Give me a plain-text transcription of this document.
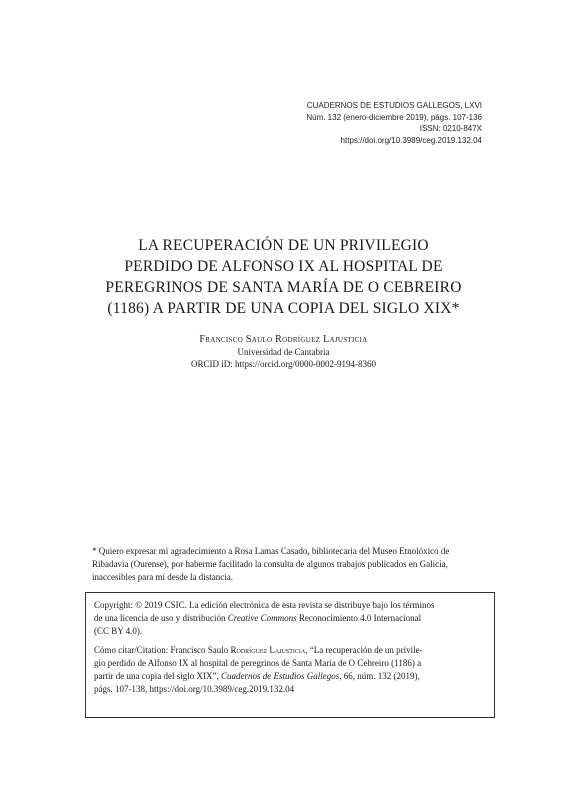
CUADERNOS DE ESTUDIOS GALLEGOS, LXVI
Núm. 132 (enero-diciembre 2019), págs. 107-136
ISSN: 0210-847X
https://doi.org/10.3989/ceg.2019.132.04
LA RECUPERACIÓN DE UN PRIVILEGIO
PERDIDO DE ALFONSO IX AL HOSPITAL DE
PEREGRINOS DE SANTA MARÍA DE O CEBREIRO
(1186) A PARTIR DE UNA COPIA DEL SIGLO XIX*
Francisco Saulo Rodríguez Lajusticia
Universidad de Cantabria
ORCID iD: https://orcid.org/0000-0002-9194-8360
* Quiero expresar mi agradecimiento a Rosa Lamas Casado, bibliotecaria del Museo Etnolóxico de
Ribadavia (Ourense), por haberme facilitado la consulta de algunos trabajos publicados en Galicia,
inaccesibles para mí desde la distancia.
Copyright: © 2019 CSIC. La edición electrónica de esta revista se distribuye bajo los términos
de una licencia de uso y distribución Creative Commons Reconocimiento 4.0 Internacional
(CC BY 4.0).
Cómo citar/Citation: Francisco Saulo Rodríguez Lajusticia, “La recuperación de un privile-
gio perdido de Alfonso IX al hospital de peregrinos de Santa María de O Cebreiro (1186) a
partir de una copia del siglo XIX”, Cuadernos de Estudios Gallegos, 66, núm. 132 (2019),
págs. 107-138, https://doi.org/10.3989/ceg.2019.132.04
